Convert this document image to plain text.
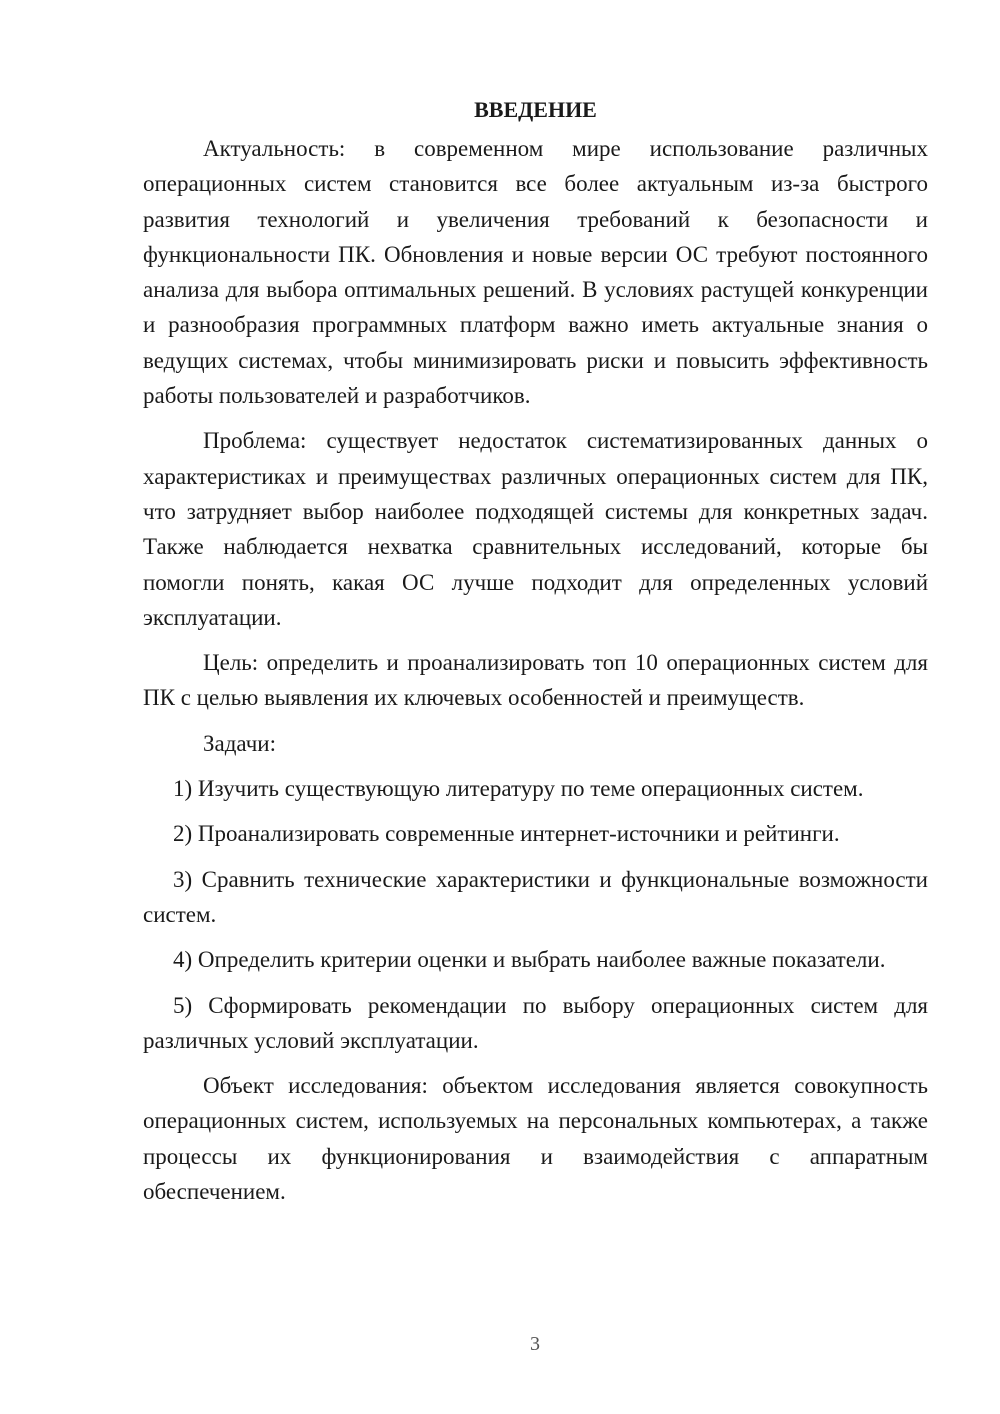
ВВЕДЕНИЕ

Актуальность: в современном мире использование различных операционных систем становится все более актуальным из-за быстрого развития технологий и увеличения требований к безопасности и функциональности ПК. Обновления и новые версии ОС требуют постоянного анализа для выбора оптимальных решений. В условиях растущей конкуренции и разнообразия программных платформ важно иметь актуальные знания о ведущих системах, чтобы минимизировать риски и повысить эффективность работы пользователей и разработчиков.

Проблема: существует недостаток систематизированных данных о характеристиках и преимуществах различных операционных систем для ПК, что затрудняет выбор наиболее подходящей системы для конкретных задач. Также наблюдается нехватка сравнительных исследований, которые бы помогли понять, какая ОС лучше подходит для определенных условий эксплуатации.

Цель: определить и проанализировать топ 10 операционных систем для ПК с целью выявления их ключевых особенностей и преимуществ.

Задачи:

1) Изучить существующую литературу по теме операционных систем.

2) Проанализировать современные интернет-источники и рейтинги.

3) Сравнить технические характеристики и функциональные возможности систем.

4) Определить критерии оценки и выбрать наиболее важные показатели.

5) Сформировать рекомендации по выбору операционных систем для различных условий эксплуатации.

Объект исследования: объектом исследования является совокупность операционных систем, используемых на персональных компьютерах, а также процессы их функционирования и взаимодействия с аппаратным обеспечением.

3
